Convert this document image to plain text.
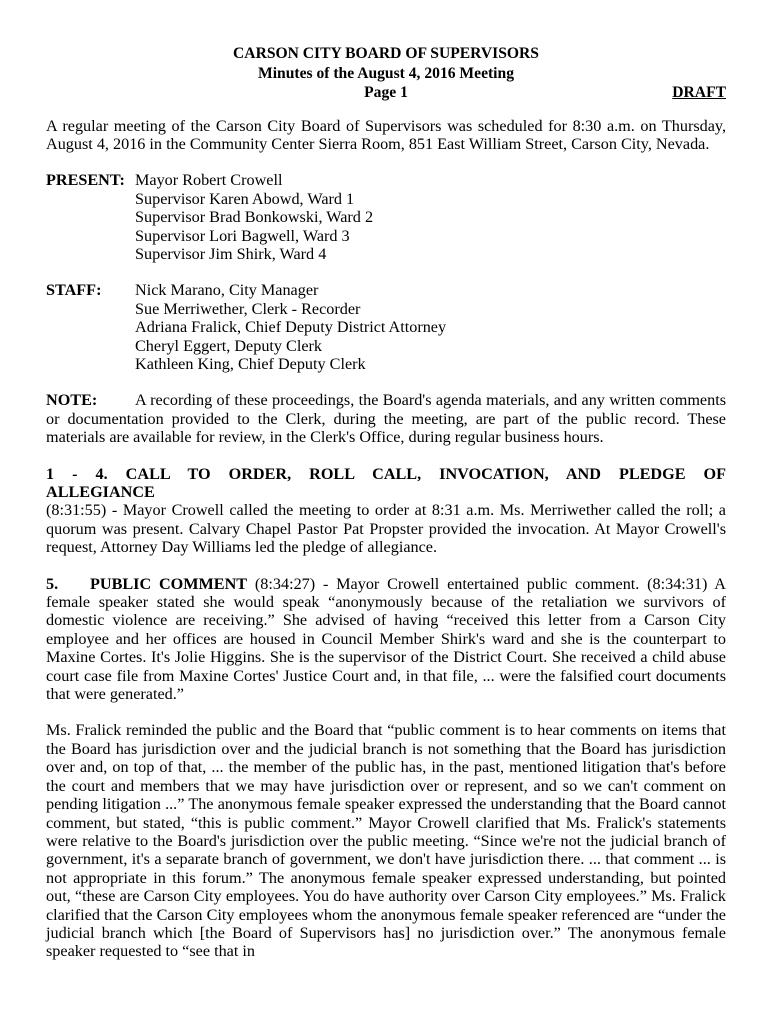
CARSON CITY BOARD OF SUPERVISORS
Minutes of the August 4, 2016 Meeting
Page 1	DRAFT

A regular meeting of the Carson City Board of Supervisors was scheduled for 8:30 a.m. on Thursday, August 4, 2016 in the Community Center Sierra Room, 851 East William Street, Carson City, Nevada.

PRESENT: Mayor Robert Crowell
Supervisor Karen Abowd, Ward 1
Supervisor Brad Bonkowski, Ward 2
Supervisor Lori Bagwell, Ward 3
Supervisor Jim Shirk, Ward 4
STAFF:	Nick Marano, City Manager
Sue Merriwether, Clerk - Recorder
Adriana Fralick, Chief Deputy District Attorney
Cheryl Eggert, Deputy Clerk
Kathleen King, Chief Deputy Clerk

NOTE: A recording of these proceedings, the Board's agenda materials, and any written comments or documentation provided to the Clerk, during the meeting, are part of the public record. These materials are available for review, in the Clerk's Office, during regular business hours.

1 - 4. CALL TO ORDER, ROLL CALL, INVOCATION, AND PLEDGE OF ALLEGIANCE
(8:31:55) - Mayor Crowell called the meeting to order at 8:31 a.m. Ms. Merriwether called the roll; a quorum was present. Calvary Chapel Pastor Pat Propster provided the invocation. At Mayor Crowell's request, Attorney Day Williams led the pledge of allegiance.

5. PUBLIC COMMENT (8:34:27) - Mayor Crowell entertained public comment. (8:34:31) A female speaker stated she would speak “anonymously because of the retaliation we survivors of domestic violence are receiving.” She advised of having “received this letter from a Carson City employee and her offices are housed in Council Member Shirk's ward and she is the counterpart to Maxine Cortes. It's Jolie Higgins. She is the supervisor of the District Court. She received a child abuse court case file from Maxine Cortes' Justice Court and, in that file, ... were the falsified court documents that were generated.”

Ms. Fralick reminded the public and the Board that “public comment is to hear comments on items that the Board has jurisdiction over and the judicial branch is not something that the Board has jurisdiction over and, on top of that, ... the member of the public has, in the past, mentioned litigation that's before the court and members that we may have jurisdiction over or represent, and so we can't comment on pending litigation ...” The anonymous female speaker expressed the understanding that the Board cannot comment, but stated, “this is public comment.” Mayor Crowell clarified that Ms. Fralick's statements were relative to the Board's jurisdiction over the public meeting. “Since we're not the judicial branch of government, it's a separate branch of government, we don't have jurisdiction there. ... that comment ... is not appropriate in this forum.” The anonymous female speaker expressed understanding, but pointed out, “these are Carson City employees. You do have authority over Carson City employees.” Ms. Fralick clarified that the Carson City employees whom the anonymous female speaker referenced are “under the judicial branch which [the Board of Supervisors has] no jurisdiction over.” The anonymous female speaker requested to “see that in
